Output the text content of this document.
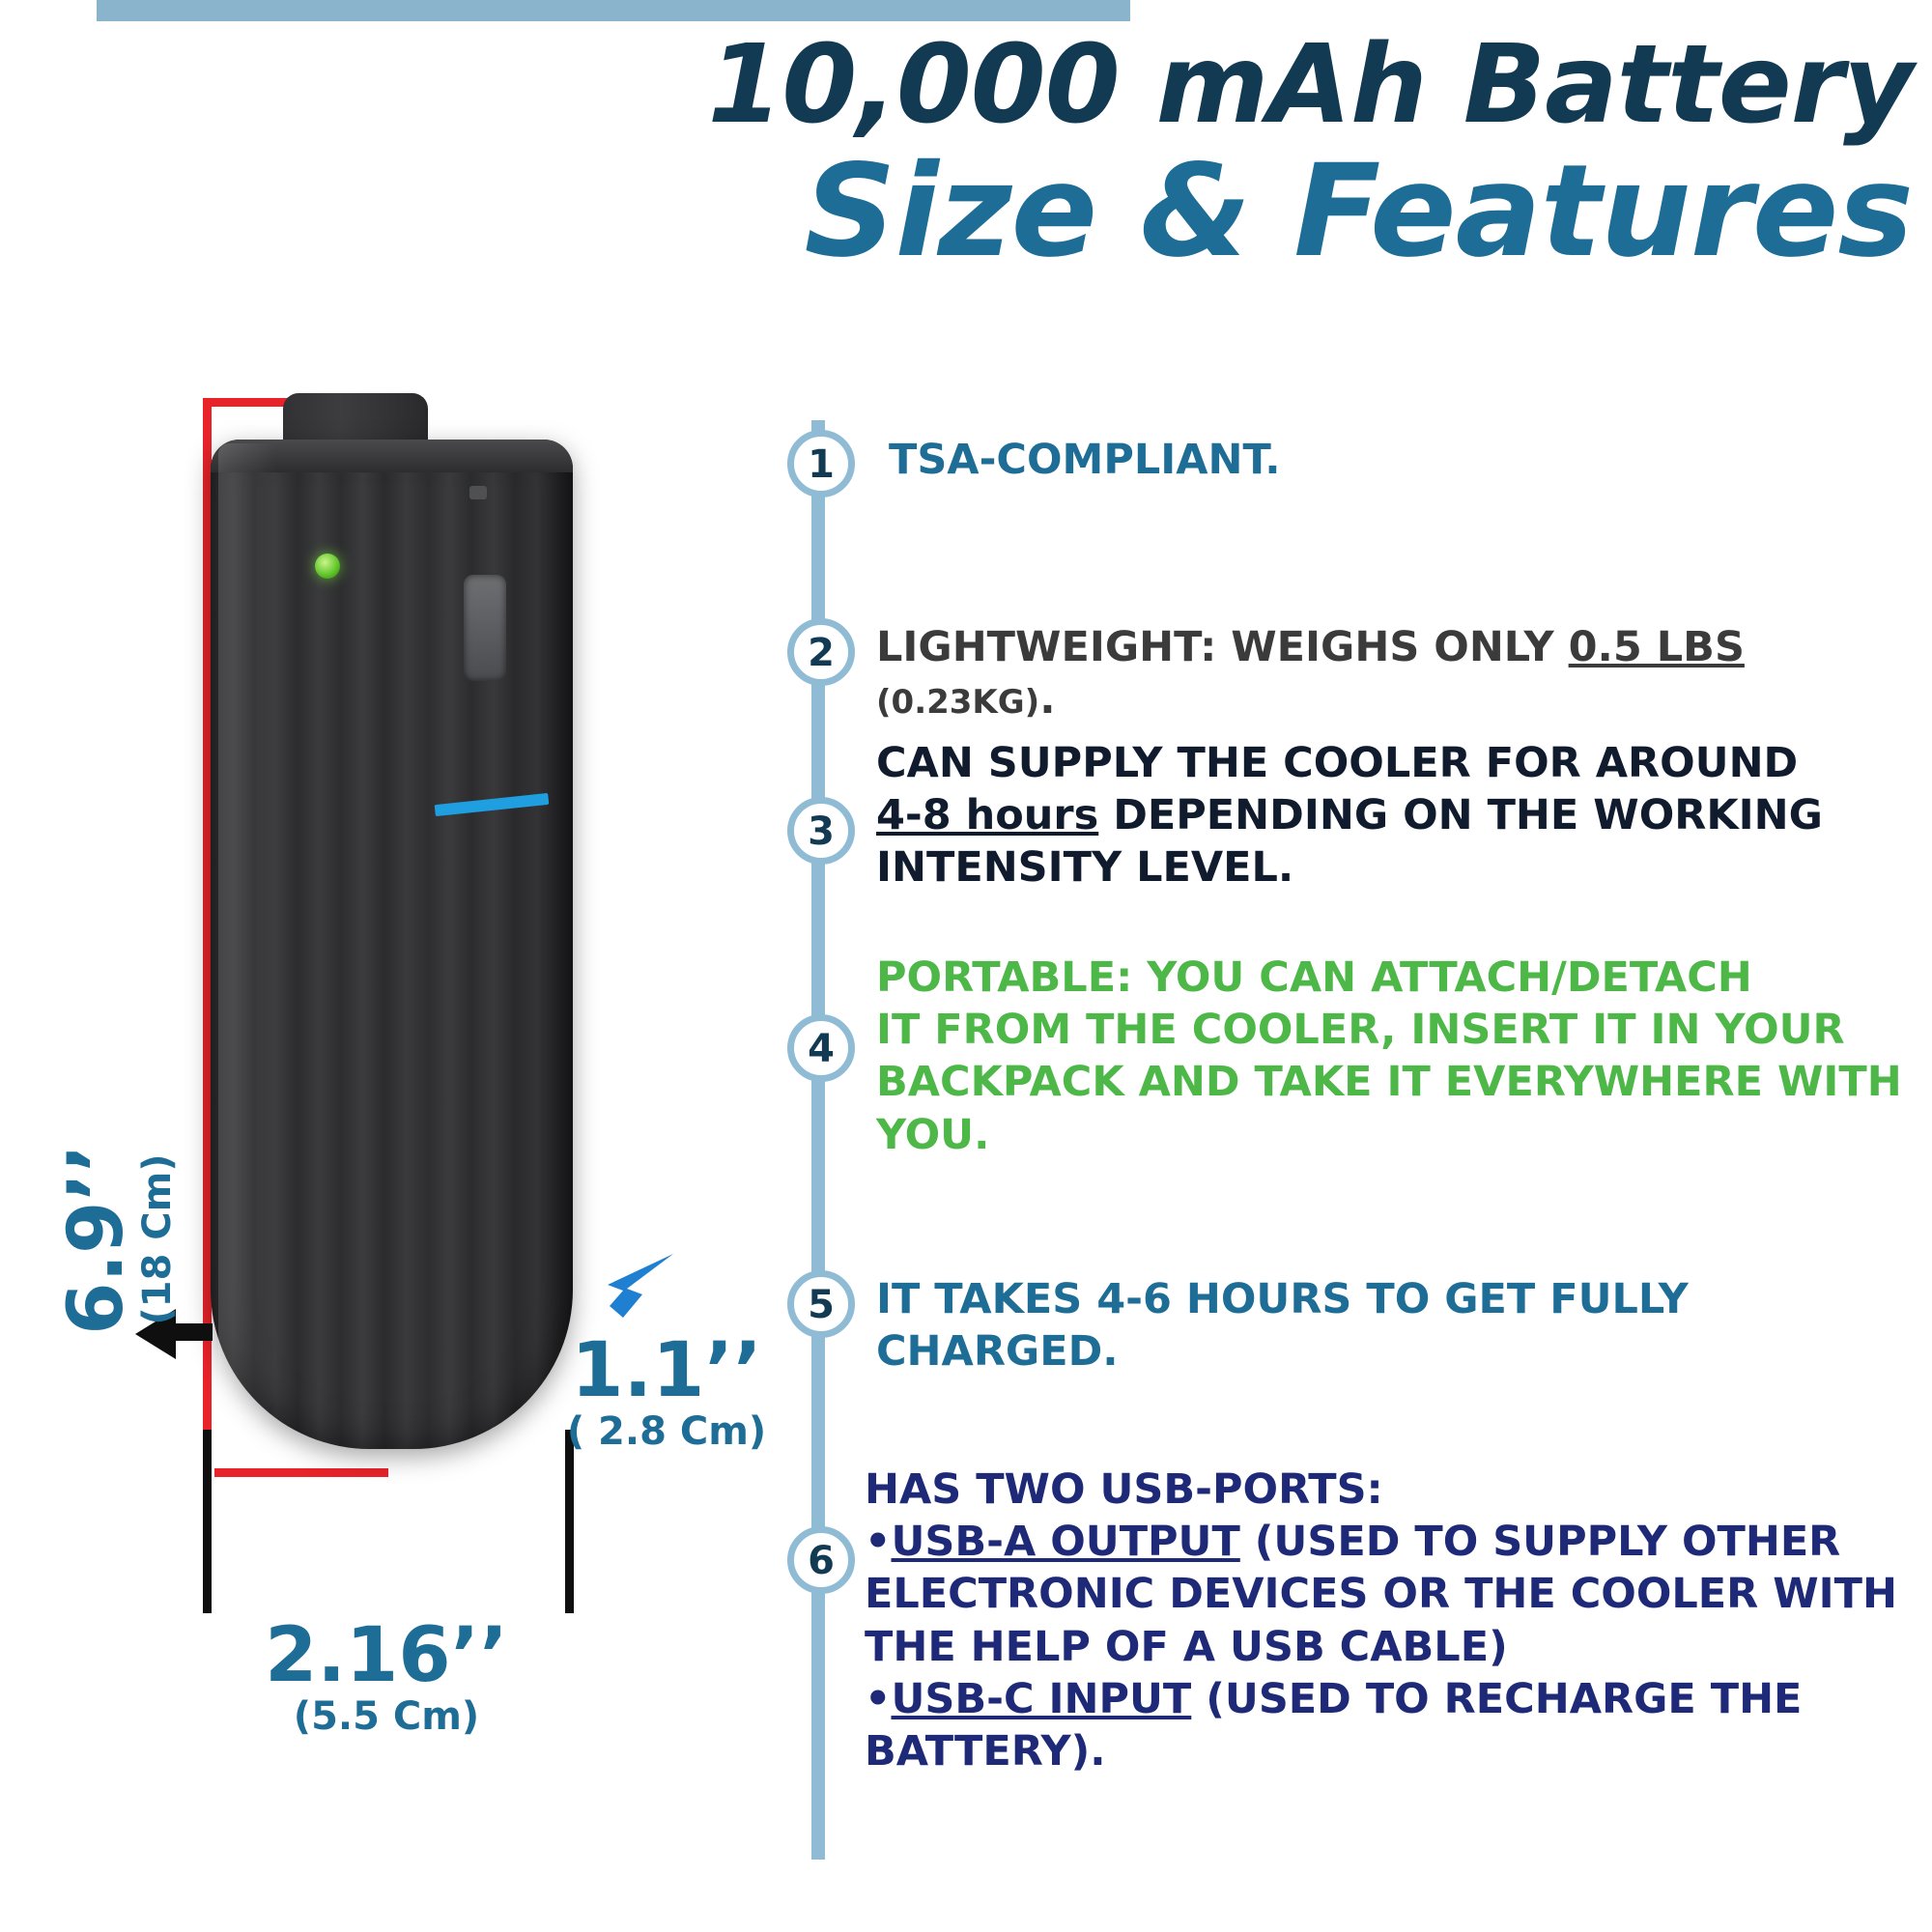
10,000 mAh Battery
Size & Features
6.9’’
(18 Cm)
2.16’’
(5.5 Cm)
1.1’’
( 2.8 Cm)
1	TSA-COMPLIANT.
2	LIGHTWEIGHT: WEIGHS ONLY 0.5 LBS (0.23KG).
3
CAN SUPPLY THE COOLER FOR AROUND
4-8 hours DEPENDING ON THE WORKING
INTENSITY LEVEL.
4
PORTABLE: YOU CAN ATTACH/DETACH
IT FROM THE COOLER, INSERT IT IN YOUR
BACKPACK AND TAKE IT EVERYWHERE WITH YOU.
5	IT TAKES 4-6 HOURS TO GET FULLY CHARGED.
6
HAS TWO USB-PORTS:
•USB-A OUTPUT (USED TO SUPPLY OTHER
ELECTRONIC DEVICES OR THE COOLER WITH
THE HELP OF A USB CABLE)
•USB-C INPUT (USED TO RECHARGE THE BATTERY).
